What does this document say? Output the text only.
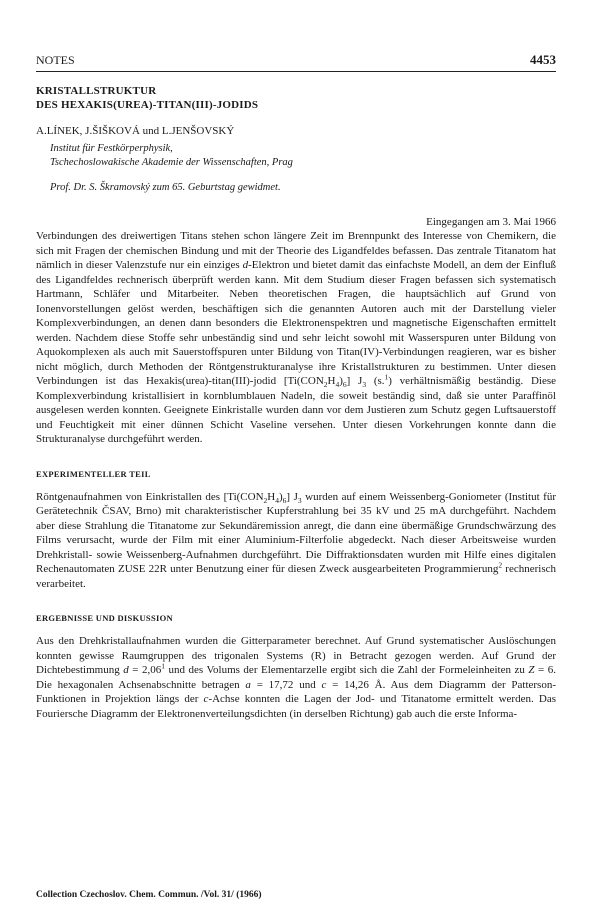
NOTES	4453
KRISTALLSTRUKTUR
DES HEXAKIS(UREA)-TITAN(III)-JODIDS
A.LÍNEK, J.ŠIŠKOVÁ und L.JENŠOVSKÝ
Institut für Festkörperphysik,
Tschechoslowakische Akademie der Wissenschaften, Prag
Prof. Dr. S. Škramovský zum 65. Geburtstag gewidmet.
Eingegangen am 3. Mai 1966

Verbindungen des dreiwertigen Titans stehen schon längere Zeit im Brennpunkt des Interesse von Chemikern, die sich mit Fragen der chemischen Bindung und mit der Theorie des Ligandfeldes befassen. Das zentrale Titanatom hat nämlich in dieser Valenzstufe nur ein einziges d-Elektron und bietet damit das einfachste Modell, an dem der Einfluß des Ligandfeldes rechnerisch überprüft werden kann. Mit dem Studium dieser Fragen befassen sich systematisch Hartmann, Schläfer und Mitarbeiter. Neben theoretischen Fragen, die hauptsächlich auf Grund von Ionenvorstellungen gelöst werden, beschäftigen sich die genannten Autoren auch mit der Darstellung vieler Komplexverbindungen, an denen dann besonders die Elektronenspektren und magnetische Eigenschaften ermittelt werden. Nachdem diese Stoffe sehr unbeständig sind und sehr leicht sowohl mit Wasserspuren unter Bildung von Aquokomplexen als auch mit Sauerstoffspuren unter Bildung von Titan(IV)-Verbindungen reagieren, war es bisher nicht möglich, durch Methoden der Röntgenstrukturanalyse ihre Kristallstrukturen zu bestimmen. Unter diesen Verbindungen ist das Hexakis(urea)-titan(III)-jodid $[Ti(CON_2H_4)_6]$ $J_3$ (s.$^1$) verhältnismäßig beständig. Diese Komplexverbindung kristallisiert in kornblumblauen Nadeln, die soweit beständig sind, daß sie unter Paraffinöl ausgelesen werden konnten. Geeignete Einkristalle wurden dann vor dem Justieren zum Schutz gegen Luftsauerstoff und Feuchtigkeit mit einer dünnen Schicht Vaseline versehen. Unter diesen Vorkehrungen konnte dann die Strukturanalyse durchgeführt werden.

EXPERIMENTELLER TEIL

Röntgenaufnahmen von Einkristallen des $[Ti(CON_2H_4)_6]$ $J_3$ wurden auf einem Weissenberg-Goniometer (Institut für Gerätetechnik ČSAV, Brno) mit charakteristischer Kupferstrahlung bei 35 kV und 25 mA durchgeführt. Nachdem aber diese Strahlung die Titanatome zur Sekundäremission anregt, die dann eine übermäßige Grundschwärzung des Films verursacht, wurde der Film mit einer Aluminium-Filterfolie abgedeckt. Nach dieser Arbeitsweise wurden Drehkristall- sowie Weissenberg-Aufnahmen durchgeführt. Die Diffraktionsdaten wurden mit Hilfe eines digitalen Rechenautomaten ZUSE 22R unter Benutzung einer für diesen Zweck ausgearbeiteten Programmierung$^2$ rechnerisch verarbeitet.

ERGEBNISSE UND DISKUSSION

Aus den Drehkristallaufnahmen wurden die Gitterparameter berechnet. Auf Grund systematischer Auslöschungen konnten gewisse Raumgruppen des trigonalen Systems (R) in Betracht gezogen werden. Auf Grund der Dichtebestimmung $d = 2,06^1$ und des Volums der Elementarzelle ergibt sich die Zahl der Formeleinheiten zu Z = 6. Die hexagonalen Achsenabschnitte betragen a = 17,72 und c = 14,26 Å. Aus dem Diagramm der Patterson-Funktionen in Projektion längs der c-Achse konnten die Lagen der Jod- und Titanatome ermittelt werden. Das Fouriersche Diagramm der Elektronenverteilungsdichten (in derselben Richtung) gab auch die erste Informa-

Collection Czechoslov. Chem. Commun. /Vol. 31/ (1966)
